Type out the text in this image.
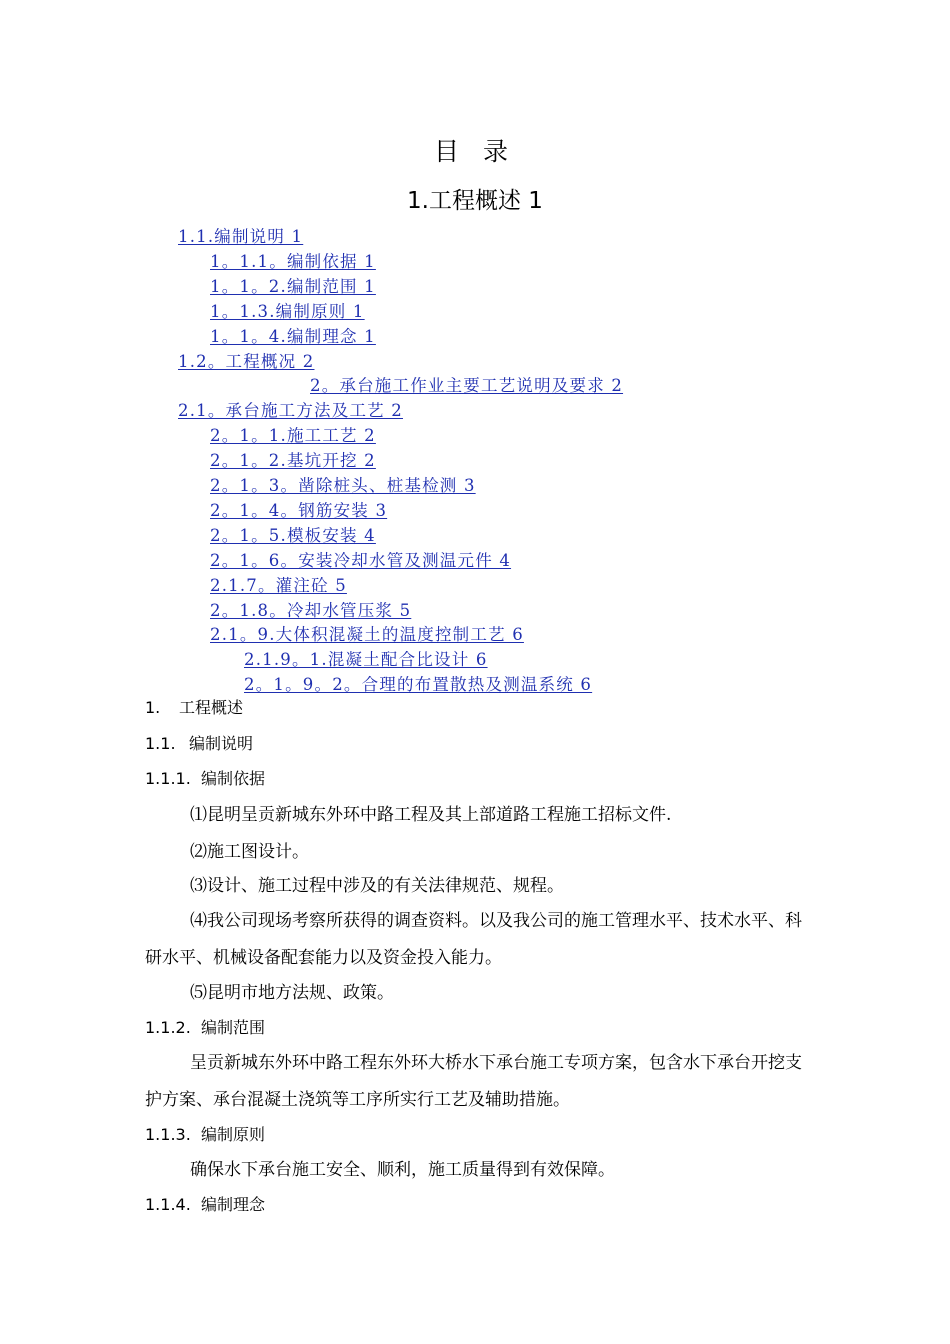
目 录
1.工程概述 1
1.1.编制说明 1
1。1.1。编制依据 1
1。1。2.编制范围 1
1。1.3.编制原则 1
1。1。4.编制理念 1
1.2。工程概况 2
2。承台施工作业主要工艺说明及要求 2
2.1。承台施工方法及工艺 2
2。1。1.施工工艺 2
2。1。2.基坑开挖 2
2。1。3。凿除桩头、桩基检测 3
2。1。4。钢筋安装 3
2。1。5.模板安装 4
2。1。6。安装冷却水管及测温元件 4
2.1.7。灌注砼 5
2。1.8。冷却水管压浆 5
2.1。9.大体积混凝土的温度控制工艺 6
2.1.9。1.混凝土配合比设计 6
2。1。9。2。合理的布置散热及测温系统 6
1. 工程概述
1.1. 编制说明
1.1.1. 编制依据
⑴昆明呈贡新城东外环中路工程及其上部道路工程施工招标文件.
⑵施工图设计。
⑶设计、施工过程中涉及的有关法律规范、规程。
⑷我公司现场考察所获得的调查资料。以及我公司的施工管理水平、技术水平、科研水平、机械设备配套能力以及资金投入能力。
⑸昆明市地方法规、政策。
1.1.2. 编制范围
呈贡新城东外环中路工程东外环大桥水下承台施工专项方案，包含水下承台开挖支护方案、承台混凝土浇筑等工序所实行工艺及辅助措施。
1.1.3. 编制原则
确保水下承台施工安全、顺利，施工质量得到有效保障。
1.1.4. 编制理念
